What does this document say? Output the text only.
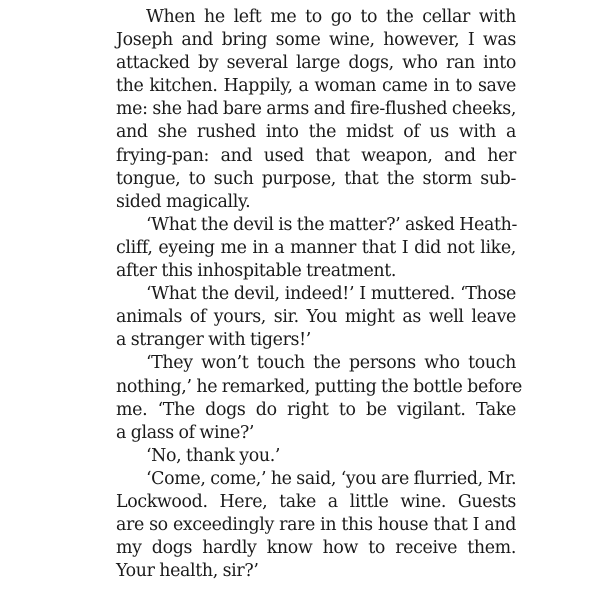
When he left me to go to the cellar with
Joseph and bring some wine, however, I was
attacked by several large dogs, who ran into
the kitchen. Happily, a woman came in to save
me: she had bare arms and fire-flushed cheeks,
and she rushed into the midst of us with a
frying-pan: and used that weapon, and her
tongue, to such purpose, that the storm sub-
sided magically.
‘What the devil is the matter?’ asked Heath-
cliff, eyeing me in a manner that I did not like,
after this inhospitable treatment.
‘What the devil, indeed!’ I muttered. ‘Those
animals of yours, sir. You might as well leave
a stranger with tigers!’
‘They won’t touch the persons who touch
nothing,’ he remarked, putting the bottle before
me. ‘The dogs do right to be vigilant. Take
a glass of wine?’
‘No, thank you.’
‘Come, come,’ he said, ‘you are flurried, Mr.
Lockwood. Here, take a little wine. Guests
are so exceedingly rare in this house that I and
my dogs hardly know how to receive them.
Your health, sir?’
